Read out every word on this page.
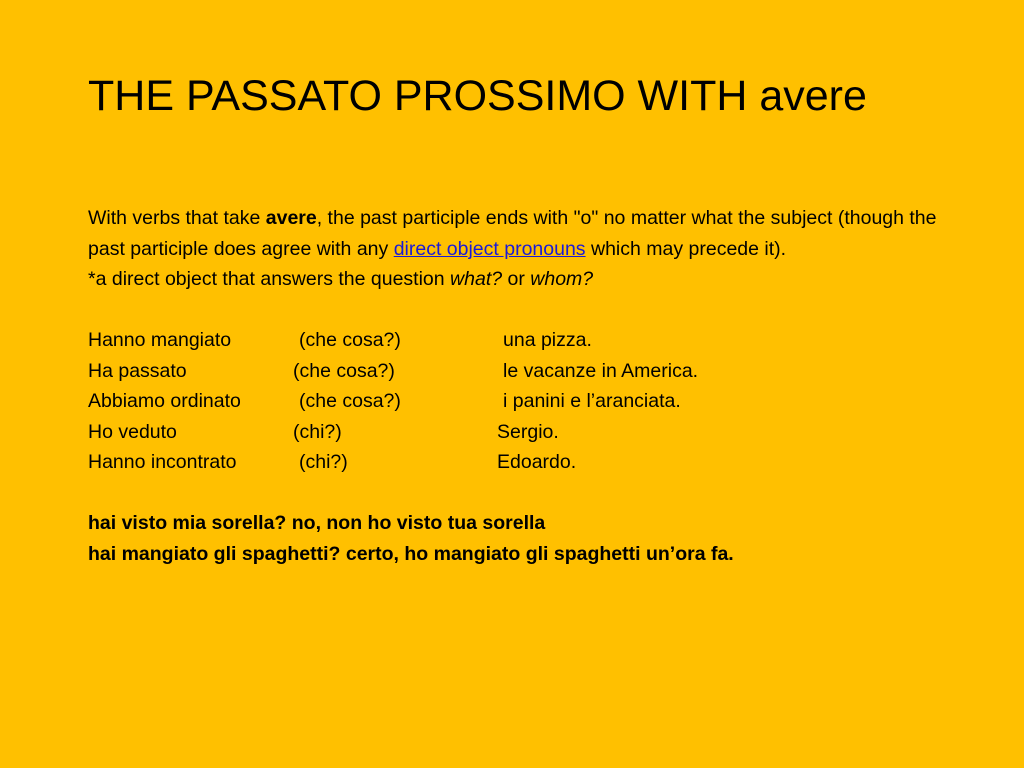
THE PASSATO PROSSIMO WITH avere

With verbs that take avere, the past participle ends with "o" no matter what the subject (though the past participle does agree with any direct object pronouns which may precede it).

*a direct object that answers the question what? or whom?

Hanno mangiato	(che cosa?)	una pizza.
Ha passato	(che cosa?)	le vacanze in America.
Abbiamo ordinato	(che cosa?)	i panini e l’aranciata.
Ho veduto	(chi?)	Sergio.
Hanno incontrato	(chi?)	Edoardo.
hai visto mia sorella? no, non ho visto tua sorella
hai mangiato gli spaghetti? certo, ho mangiato gli spaghetti un’ora fa.
